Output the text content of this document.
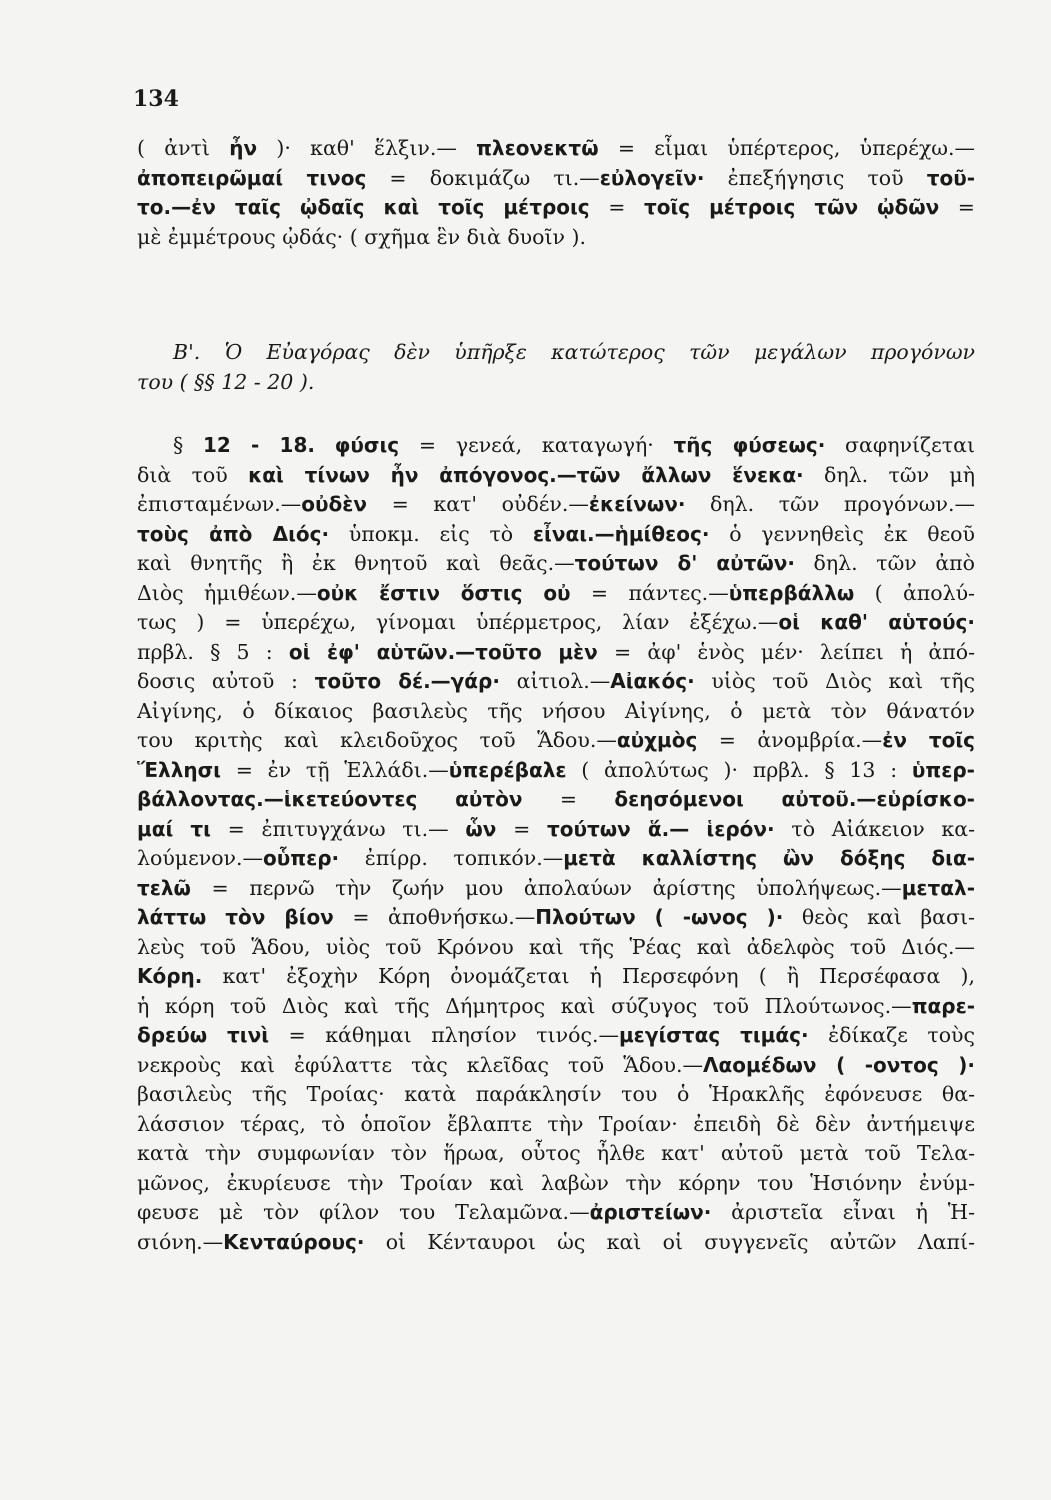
134
( ἀντὶ ἦν )· καθ' ἕλξιν.— πλεονεκτῶ = εἶμαι ὑπέρτερος, ὑπερέχω.—
ἀποπειρῶμαί τινος = δοκιμάζω τι.—εὐλογεῖν· ἐπεξήγησις τοῦ τοῦ-
το.—ἐν ταῖς ᾠδαῖς καὶ τοῖς μέτροις = τοῖς μέτροις τῶν ᾠδῶν =
μὲ ἐμμέτρους ᾠδάς· ( σχῆμα ἓν διὰ δυοῖν ).
Β'. Ὁ Εὐαγόρας δὲν ὑπῆρξε κατώτερος τῶν μεγάλων προγόνων
του ( §§ 12 - 20 ).
§ 12 - 18. φύσις = γενεά, καταγωγή· τῆς φύσεως· σαφηνίζεται
διὰ τοῦ καὶ τίνων ἦν ἀπόγονος.—τῶν ἄλλων ἕνεκα· δηλ. τῶν μὴ
ἐπισταμένων.—οὐδὲν = κατ' οὐδέν.—ἐκείνων· δηλ. τῶν προγόνων.—
τοὺς ἀπὸ Διός· ὑποκμ. εἰς τὸ εἶναι.—ἡμίθεος· ὁ γεννηθεὶς ἐκ θεοῦ
καὶ θνητῆς ἢ ἐκ θνητοῦ καὶ θεᾶς.—τούτων δ' αὐτῶν· δηλ. τῶν ἀπὸ
Διὸς ἡμιθέων.—οὐκ ἔστιν ὅστις οὐ = πάντες.—ὑπερβάλλω ( ἀπολύ-
τως ) = ὑπερέχω, γίνομαι ὑπέρμετρος, λίαν ἐξέχω.—οἱ καθ' αὑτούς·
πρβλ. § 5 : οἱ ἐφ' αὑτῶν.—τοῦτο μὲν = ἀφ' ἑνὸς μέν· λείπει ἡ ἀπό-
δοσις αὐτοῦ : τοῦτο δέ.—γάρ· αἰτιολ.—Αἰακός· υἱὸς τοῦ Διὸς καὶ τῆς
Αἰγίνης, ὁ δίκαιος βασιλεὺς τῆς νήσου Αἰγίνης, ὁ μετὰ τὸν θάνατόν
του κριτὴς καὶ κλειδοῦχος τοῦ Ἅδου.—αὐχμὸς = ἀνομβρία.—ἐν τοῖς
Ἕλλησι = ἐν τῇ Ἑλλάδι.—ὑπερέβαλε ( ἀπολύτως )· πρβλ. § 13 : ὑπερ-
βάλλοντας.—ἱκετεύοντες αὐτὸν = δεησόμενοι αὐτοῦ.—εὑρίσκο-
μαί τι = ἐπιτυγχάνω τι.— ὧν = τούτων ἅ.— ἱερόν· τὸ Αἰάκειον κα-
λούμενον.—οὗπερ· ἐπίρρ. τοπικόν.—μετὰ καλλίστης ὢν δόξης δια-
τελῶ = περνῶ τὴν ζωήν μου ἀπολαύων ἀρίστης ὑπολήψεως.—μεταλ-
λάττω τὸν βίον = ἀποθνήσκω.—Πλούτων ( -ωνος )· θεὸς καὶ βασι-
λεὺς τοῦ Ἅδου, υἱὸς τοῦ Κρόνου καὶ τῆς Ῥέας καὶ ἀδελφὸς τοῦ Διός.—
Κόρη. κατ' ἐξοχὴν Κόρη ὀνομάζεται ἡ Περσεφόνη ( ἢ Περσέφασα ),
ἡ κόρη τοῦ Διὸς καὶ τῆς Δήμητρος καὶ σύζυγος τοῦ Πλούτωνος.—παρε-
δρεύω τινὶ = κάθημαι πλησίον τινός.—μεγίστας τιμάς· ἐδίκαζε τοὺς
νεκροὺς καὶ ἐφύλαττε τὰς κλεῖδας τοῦ Ἅδου.—Λαομέδων ( -οντος )·
βασιλεὺς τῆς Τροίας· κατὰ παράκλησίν του ὁ Ἡρακλῆς ἐφόνευσε θα-
λάσσιον τέρας, τὸ ὁποῖον ἔβλαπτε τὴν Τροίαν· ἐπειδὴ δὲ δὲν ἀντήμειψε
κατὰ τὴν συμφωνίαν τὸν ἥρωα, οὗτος ἦλθε κατ' αὐτοῦ μετὰ τοῦ Τελα-
μῶνος, ἐκυρίευσε τὴν Τροίαν καὶ λαβὼν τὴν κόρην του Ἡσιόνην ἐνύμ-
φευσε μὲ τὸν φίλον του Τελαμῶνα.—ἀριστείων· ἀριστεῖα εἶναι ἡ Ἡ-
σιόνη.—Κενταύρους· οἱ Κένταυροι ὡς καὶ οἱ συγγενεῖς αὐτῶν Λαπί-
